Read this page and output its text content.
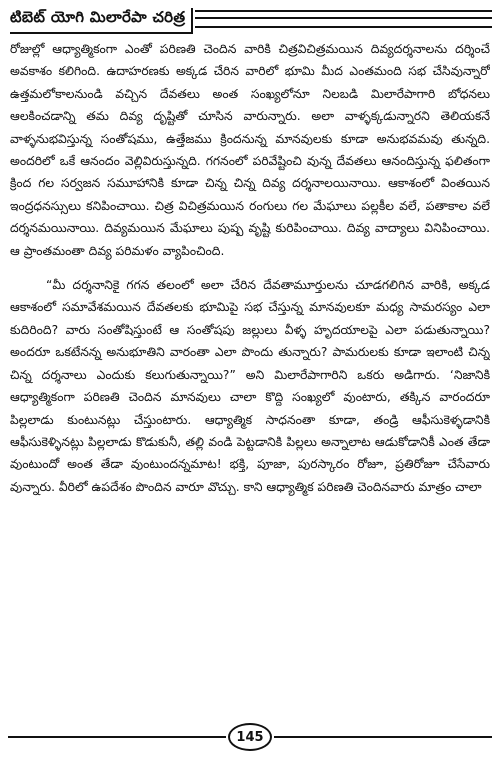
టిబెట్ యోగి మిలారేపా చరిత్ర

రోజుల్లో ఆధ్యాత్మికంగా ఎంతో పరిణతి చెందిన వారికి చిత్రవిచిత్రమయిన దివ్యదర్శనాలను దర్శించే అవకాశం కలిగింది. ఉదాహరణకు అక్కడ చేరిన వారిలో భూమి మీద ఎంతమంది సభ చేసివున్నారో ఉత్తమలోకాలనుండి వచ్చిన దేవతలు అంత సంఖ్యలోనూ నిలబడి మిలారేపాగారి బోధనలు ఆలకించడాన్ని తమ దివ్య దృష్టితో చూసిన వారున్నారు. అలా వాళ్ళక్కడున్నారని తెలియకనే వాళ్ళనుభవిస్తున్న సంతోషము, ఉత్తేజము క్రిందనున్న మానవులకు కూడా అనుభవమవు తున్నది. అందరిలో ఒకే ఆనందం వెల్లివిరుస్తున్నది. గగనంలో పరివేష్టించి వున్న దేవతలు ఆనందిస్తున్న ఫలితంగా క్రింద గల సర్వజన సమూహానికి కూడా చిన్న చిన్న దివ్య దర్శనాలయినాయి. ఆకాశంలో వింతయిన ఇంద్రధనస్సులు కనిపించాయి. చిత్ర విచిత్రమయిన రంగులు గల మేఘాలు పల్లకీల వలే, పతాకాల వలే దర్శనమయినాయి. దివ్యమయిన మేఘాలు పుష్ప వృష్టి కురిపించాయి. దివ్య వాద్యాలు వినిపించాయి. ఆ ప్రాంతమంతా దివ్య పరిమళం వ్యాపించింది.

“మీ దర్శనానికై గగన తలంలో అలా చేరిన దేవతామూర్తులను చూడగలిగిన వారికి, అక్కడ ఆకాశంలో సమావేశమయిన దేవతలకు భూమిపై సభ చేస్తున్న మానవులకూ మధ్య సామరస్యం ఎలా కుదిరింది? వారు సంతోషిస్తుంటే ఆ సంతోషపు జల్లులు వీళ్ళ హృదయాలపై ఎలా పడుతున్నాయి? అందరూ ఒకటేనన్న అనుభూతిని వారంతా ఎలా పొందు తున్నారు? పామరులకు కూడా ఇలాంటి చిన్న చిన్న దర్శనాలు ఎందుకు కలుగుతున్నాయి?” అని మిలారేపాగారిని ఒకరు అడిగారు. ‘నిజానికి ఆధ్యాత్మికంగా పరిణతి చెందిన మానవులు చాలా కొద్ది సంఖ్యలో వుంటారు, తక్కిన వారందరూ పిల్లలాడు కుంటునట్లు చేస్తుంటారు. ఆధ్యాత్మిక సాధనంతా కూడా, తండ్రి ఆఫీసుకెళ్ళడానికి ఆఫీసుకెళ్ళినట్లు పిల్లలాడు కొడుకునీ, తల్లి వండి పెట్టడానికి పిల్లలు అన్నాలాట ఆడుకోడానికీ ఎంత తేడా వుంటుందో అంత తేడా వుంటుందన్నమాట! భక్తి, పూజా, పురస్కారం రోజూ, ప్రతిరోజూ చేసేవారు వున్నారు. వీరిలో ఉపదేశం పొందిన వారూ వొచ్చు. కాని ఆధ్యాత్మిక పరిణతి చెందినవారు మాత్రం చాలా

145
